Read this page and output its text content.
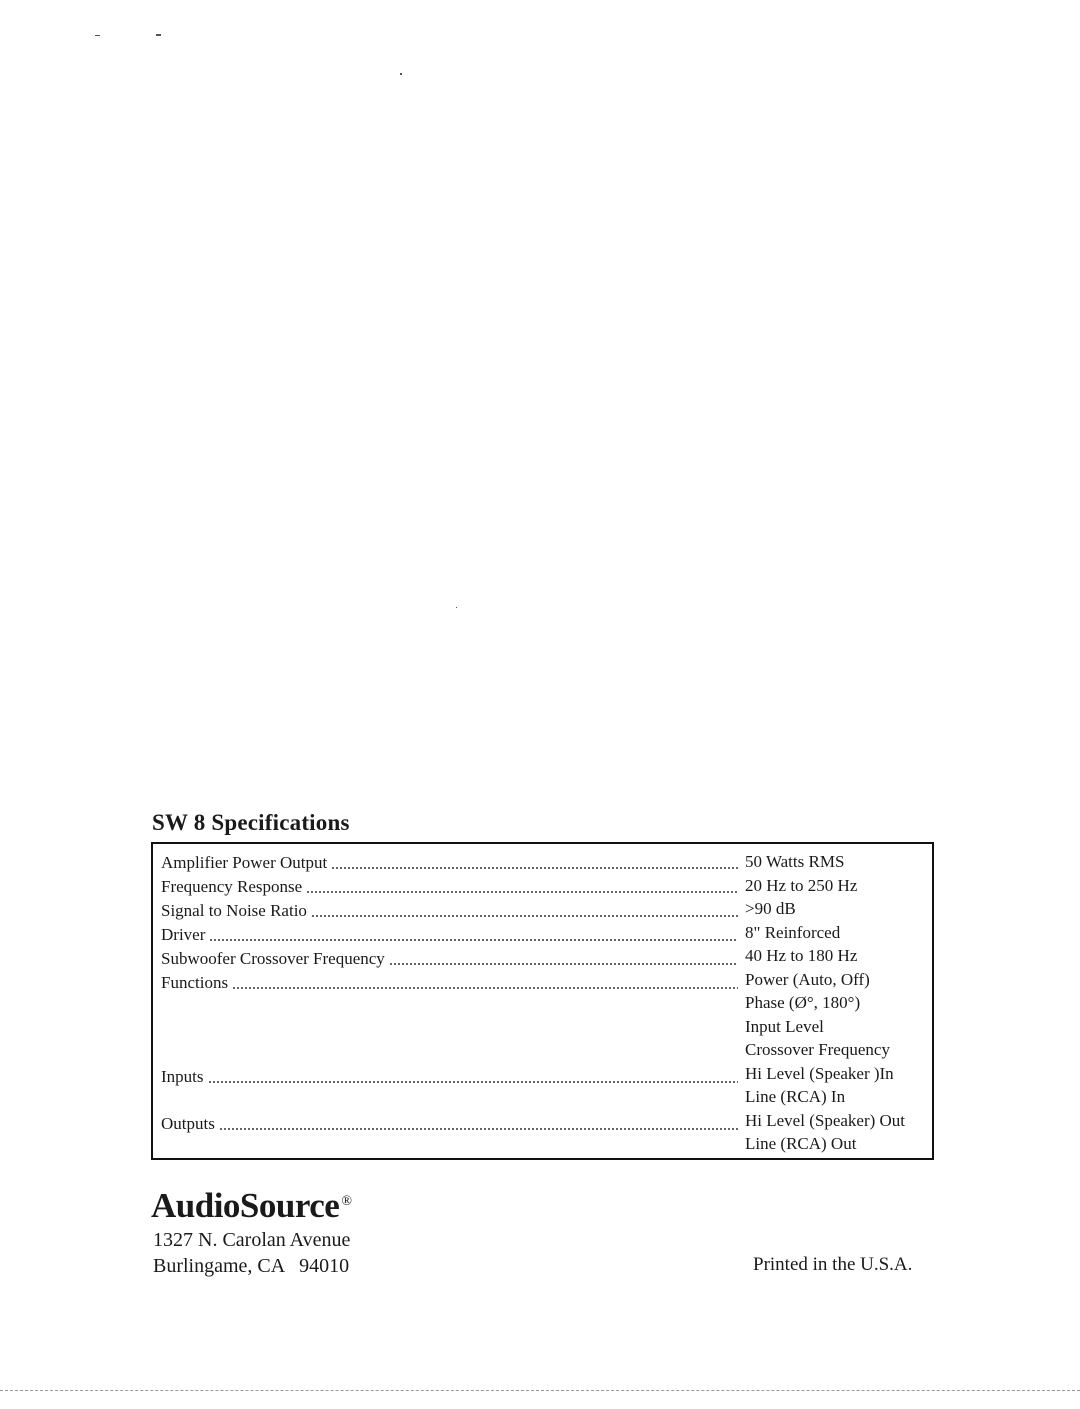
SW 8 Specifications
Amplifier Power Output	50 Watts RMS
Frequency Response	20 Hz to 250 Hz
Signal to Noise Ratio	>90 dB
Driver	8" Reinforced
Subwoofer Crossover Frequency	40 Hz to 180 Hz
Functions	Power (Auto, Off)
Phase (Ø°, 180°)
Input Level
Crossover Frequency
Inputs	Hi Level (Speaker )In
Line (RCA) In
Outputs	Hi Level (Speaker) Out
Line (RCA) Out
AudioSource ®
1327 N. Carolan Avenue
Burlingame, CA   94010	Printed in the U.S.A.
